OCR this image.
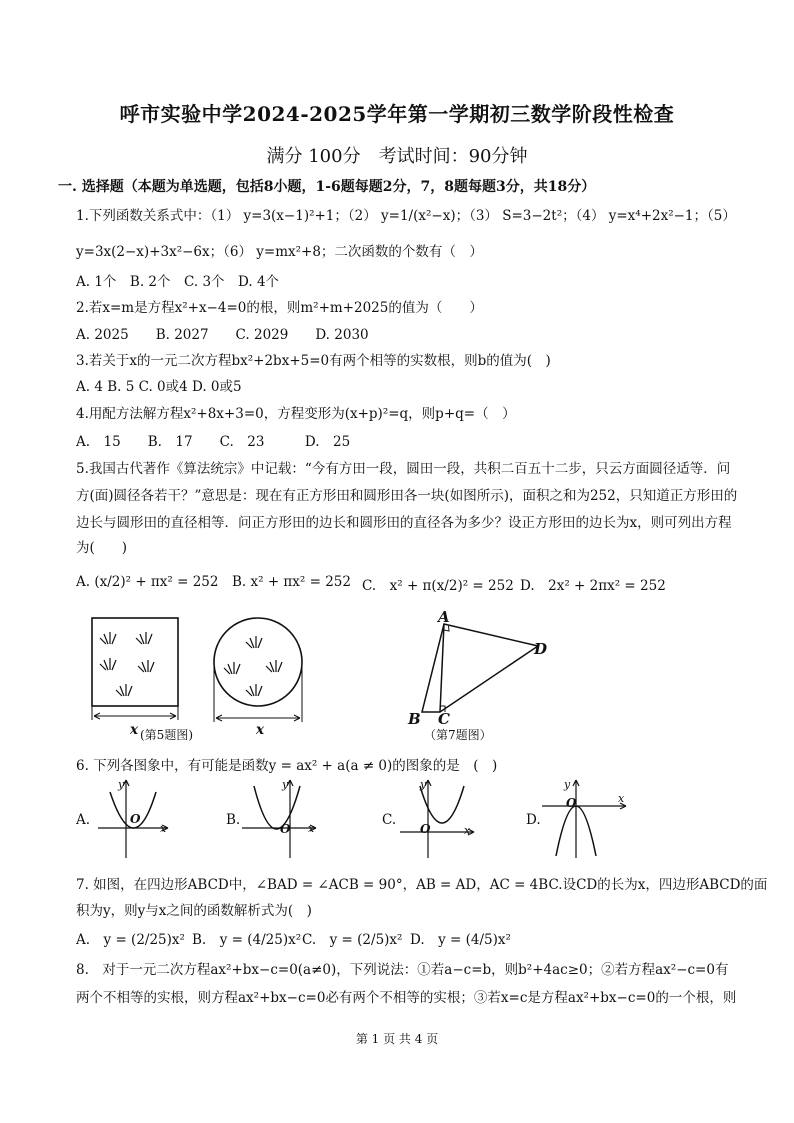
呼市实验中学2024-2025学年第一学期初三数学阶段性检查
满分 100分　考试时间：90分钟
一. 选择题（本题为单选题，包括8小题，1-6题每题2分，7，8题每题3分，共18分）
1.下列函数关系式中：（1） y=3(x−1)²+1；（2） y=1/(x²−x)；（3） S=3−2t²；（4） y=x⁴+2x²−1；（5）
y=3x(2−x)+3x²−6x；（6） y=mx²+8；二次函数的个数有（　）
A. 1个　B. 2个　C. 3个　D. 4个
2.若x=m是方程x²+x−4=0的根，则m²+m+2025的值为（　　）
A. 2025　　B. 2027　　C. 2029　　D. 2030
3.若关于x的一元二次方程bx²+2bx+5=0有两个相等的实数根，则b的值为(　)
A. 4 B. 5 C. 0或4 D. 0或5
4.用配方法解方程x²+8x+3=0，方程变形为(x+p)²=q，则p+q=（　）
A.　15　　B.　17　　C.　23　　　D.　25
5.我国古代著作《算法统宗》中记载：“今有方田一段，圆田一段，共积二百五十二步，只云方面圆径适等．问
方(面)圆径各若干？”意思是：现在有正方形田和圆形田各一块(如图所示)，面积之和为252，只知道正方形田的
边长与圆形田的直径相等．问正方形田的边长和圆形田的直径各为多少？设正方形田的边长为x，则可列出方程
为(　　)
A. (x/2)² + πx² = 252 B. x² + πx² = 252 C.　x² + π(x/2)² = 252 D.　2x² + 2πx² = 252
x (第5题图)	x
A
D
B C
（第7题图）
6. 下列各图象中，有可能是函数y = ax² + a(a ≠ 0)的图象的是　(　)
A.
y
x
O	B.
y
x
O
C.
y
x
O
D.
y
x
O
7. 如图，在四边形ABCD中，∠BAD = ∠ACB = 90°，AB = AD，AC = 4BC.设CD的长为x，四边形ABCD的面
积为y，则y与x之间的函数解析式为(　)
A.　y = (2/25)x² B.　y = (4/25)x² C.　y = (2/5)x² D.　y = (4/5)x²
8.　对于一元二次方程ax²+bx−c=0(a≠0)，下列说法：①若a−c=b，则b²+4ac≥0；②若方程ax²−c=0有
两个不相等的实根，则方程ax²+bx−c=0必有两个不相等的实根；③若x=c是方程ax²+bx−c=0的一个根，则
第 1 页 共 4 页
